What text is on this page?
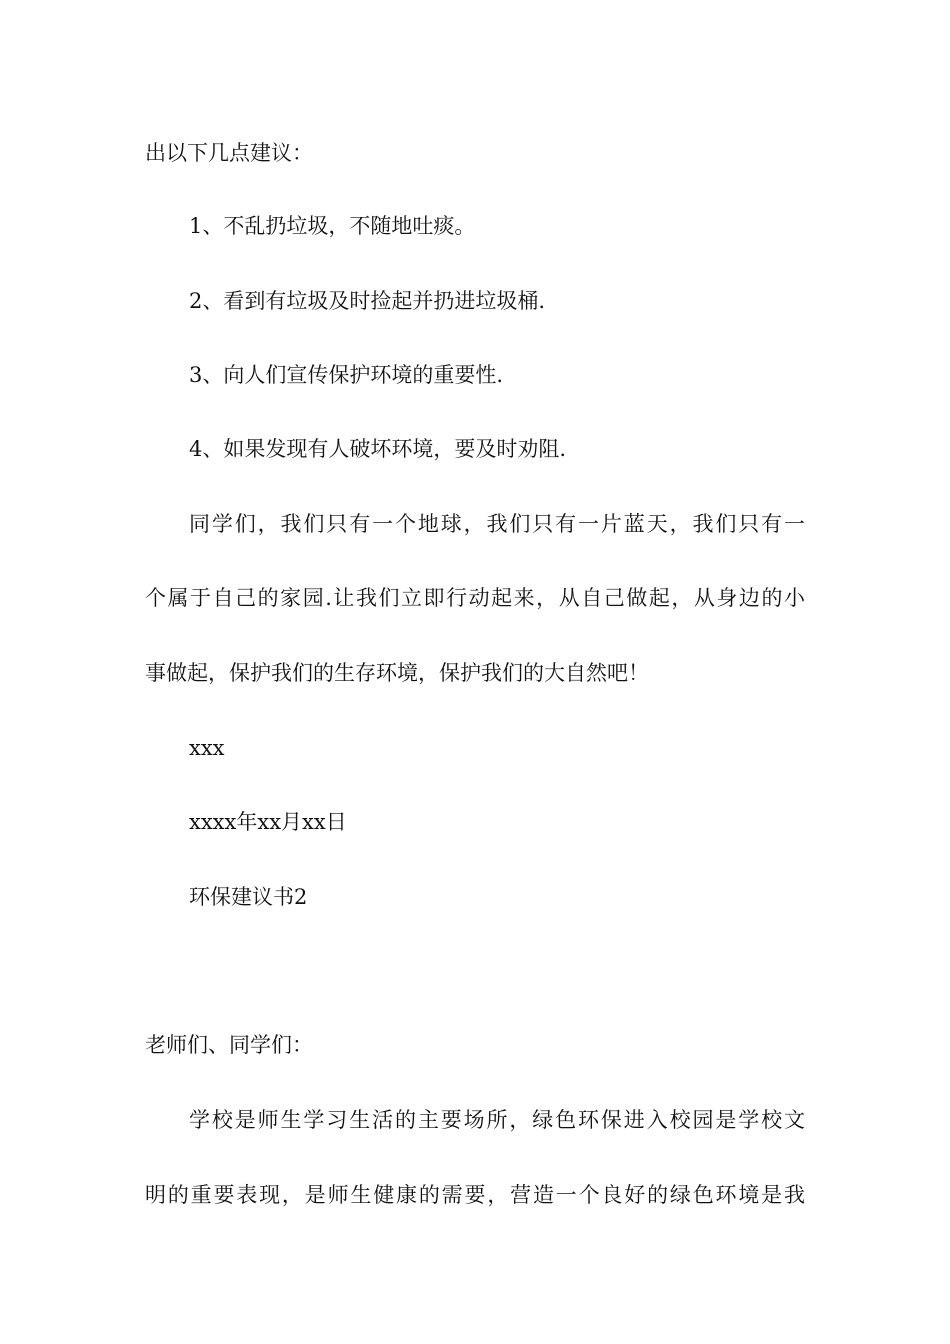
出以下几点建议：
1、不乱扔垃圾，不随地吐痰。
2、看到有垃圾及时捡起并扔进垃圾桶.
3、向人们宣传保护环境的重要性.
4、如果发现有人破坏环境，要及时劝阻.
同学们，我们只有一个地球，我们只有一片蓝天，我们只有一
个属于自己的家园.让我们立即行动起来，从自己做起，从身边的小
事做起，保护我们的生存环境，保护我们的大自然吧！
xxx
xxxx年xx月xx日
环保建议书2
老师们、同学们：
学校是师生学习生活的主要场所，绿色环保进入校园是学校文
明的重要表现，是师生健康的需要，营造一个良好的绿色环境是我
